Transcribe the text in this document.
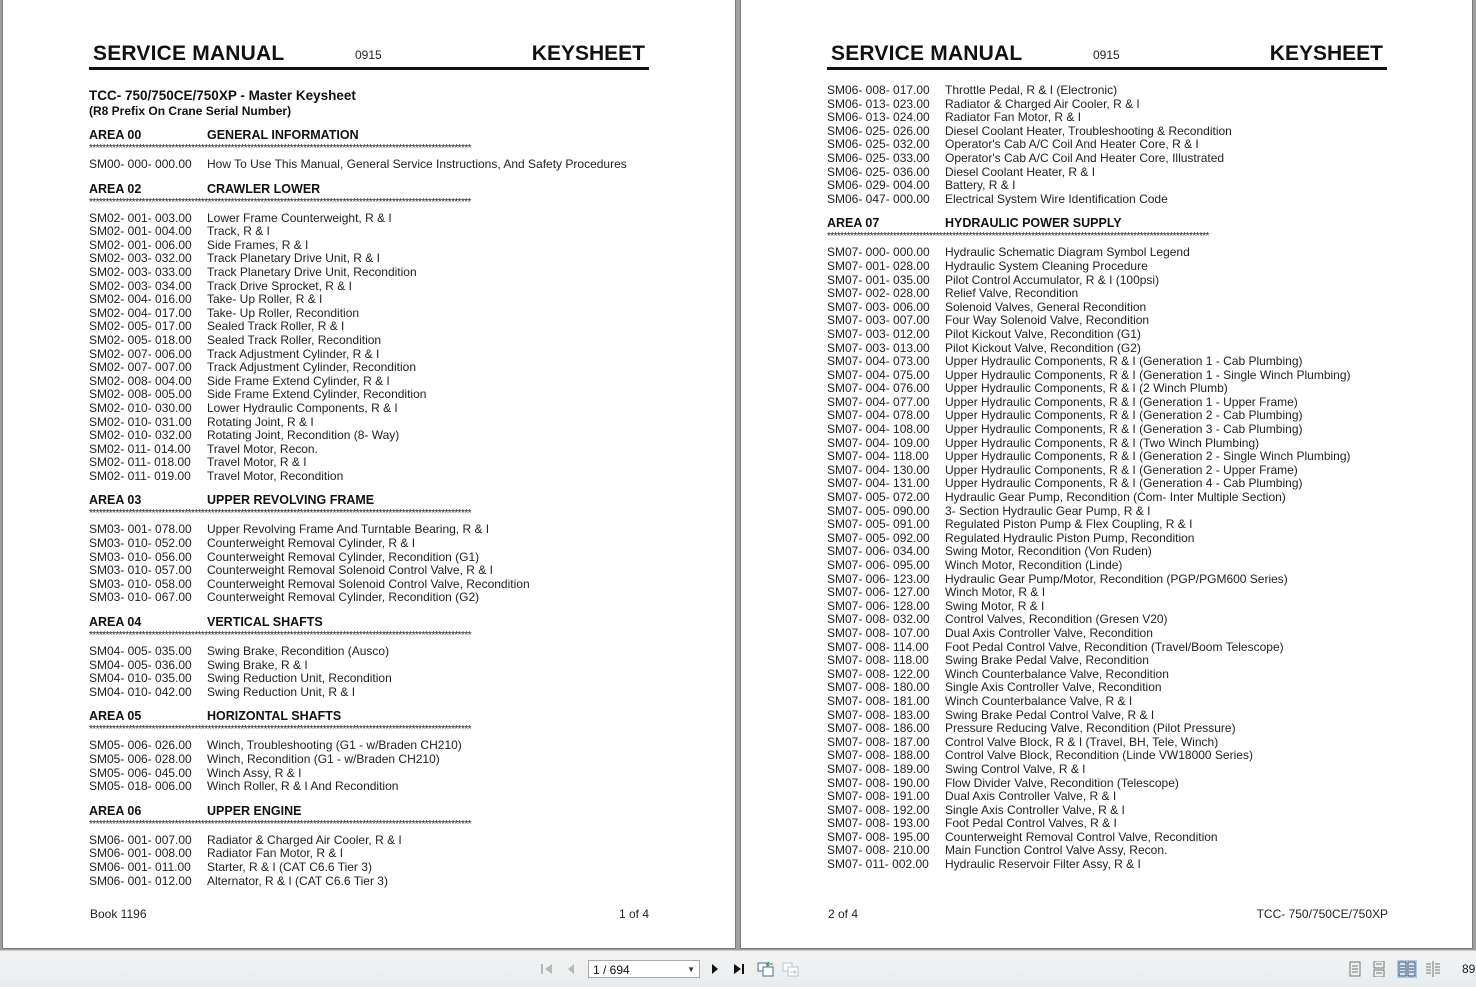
SERVICE MANUAL	0915	KEYSHEET
TCC- 750/750CE/750XP - Master Keysheet
(R8 Prefix On Crane Serial Number)
AREA 00	GENERAL INFORMATION
********************************************************************************************************************
SM00- 000- 000.00 How To Use This Manual, General Service Instructions, And Safety Procedures
AREA 02	CRAWLER LOWER
********************************************************************************************************************
SM02- 001- 003.00 Lower Frame Counterweight, R & I
SM02- 001- 004.00 Track, R & I
SM02- 001- 006.00 Side Frames, R & I
SM02- 003- 032.00 Track Planetary Drive Unit, R & I
SM02- 003- 033.00 Track Planetary Drive Unit, Recondition
SM02- 003- 034.00 Track Drive Sprocket, R & I
SM02- 004- 016.00 Take- Up Roller, R & I
SM02- 004- 017.00 Take- Up Roller, Recondition
SM02- 005- 017.00 Sealed Track Roller, R & I
SM02- 005- 018.00 Sealed Track Roller, Recondition
SM02- 007- 006.00 Track Adjustment Cylinder, R & I
SM02- 007- 007.00 Track Adjustment Cylinder, Recondition
SM02- 008- 004.00 Side Frame Extend Cylinder, R & I
SM02- 008- 005.00 Side Frame Extend Cylinder, Recondition
SM02- 010- 030.00 Lower Hydraulic Components, R & I
SM02- 010- 031.00 Rotating Joint, R & I
SM02- 010- 032.00 Rotating Joint, Recondition (8- Way)
SM02- 011- 014.00 Travel Motor, Recon.
SM02- 011- 018.00 Travel Motor, R & I
SM02- 011- 019.00 Travel Motor, Recondition
AREA 03	UPPER REVOLVING FRAME
********************************************************************************************************************
SM03- 001- 078.00 Upper Revolving Frame And Turntable Bearing, R & I
SM03- 010- 052.00 Counterweight Removal Cylinder, R & I
SM03- 010- 056.00 Counterweight Removal Cylinder, Recondition (G1)
SM03- 010- 057.00 Counterweight Removal Solenoid Control Valve, R & I
SM03- 010- 058.00 Counterweight Removal Solenoid Control Valve, Recondition
SM03- 010- 067.00 Counterweight Removal Cylinder, Recondition (G2)
AREA 04	VERTICAL SHAFTS
********************************************************************************************************************
SM04- 005- 035.00 Swing Brake, Recondition (Ausco)
SM04- 005- 036.00 Swing Brake, R & I
SM04- 010- 035.00 Swing Reduction Unit, Recondition
SM04- 010- 042.00 Swing Reduction Unit, R & I
AREA 05	HORIZONTAL SHAFTS
********************************************************************************************************************
SM05- 006- 026.00 Winch, Troubleshooting (G1 - w/Braden CH210)
SM05- 006- 028.00 Winch, Recondition (G1 - w/Braden CH210)
SM05- 006- 045.00 Winch Assy, R & I
SM05- 018- 006.00 Winch Roller, R & I And Recondition
AREA 06	UPPER ENGINE
********************************************************************************************************************
SM06- 001- 007.00 Radiator & Charged Air Cooler, R & I
SM06- 001- 008.00 Radiator Fan Motor, R & I
SM06- 001- 011.00 Starter, R & I (CAT C6.6 Tier 3)
SM06- 001- 012.00 Alternator, R & I (CAT C6.6 Tier 3)
Book 1196	1 of 4
SERVICE MANUAL	0915	KEYSHEET
SM06- 008- 017.00 Throttle Pedal, R & I (Electronic)
SM06- 013- 023.00 Radiator & Charged Air Cooler, R & I
SM06- 013- 024.00 Radiator Fan Motor, R & I
SM06- 025- 026.00 Diesel Coolant Heater, Troubleshooting & Recondition
SM06- 025- 032.00 Operator's Cab A/C Coil And Heater Core, R & I
SM06- 025- 033.00 Operator's Cab A/C Coil And Heater Core, Illustrated
SM06- 025- 036.00 Diesel Coolant Heater, R & I
SM06- 029- 004.00 Battery, R & I
SM06- 047- 000.00 Electrical System Wire Identification Code
AREA 07	HYDRAULIC POWER SUPPLY
********************************************************************************************************************
SM07- 000- 000.00 Hydraulic Schematic Diagram Symbol Legend
SM07- 001- 028.00 Hydraulic System Cleaning Procedure
SM07- 001- 035.00 Pilot Control Accumulator, R & I (100psi)
SM07- 002- 028.00 Relief Valve, Recondition
SM07- 003- 006.00 Solenoid Valves, General Recondition
SM07- 003- 007.00 Four Way Solenoid Valve, Recondition
SM07- 003- 012.00 Pilot Kickout Valve, Recondition (G1)
SM07- 003- 013.00 Pilot Kickout Valve, Recondition (G2)
SM07- 004- 073.00 Upper Hydraulic Components, R & I (Generation 1 - Cab Plumbing)
SM07- 004- 075.00 Upper Hydraulic Components, R & I (Generation 1 - Single Winch Plumbing)
SM07- 004- 076.00 Upper Hydraulic Components, R & I (2 Winch Plumb)
SM07- 004- 077.00 Upper Hydraulic Components, R & I (Generation 1 - Upper Frame)
SM07- 004- 078.00 Upper Hydraulic Components, R & I (Generation 2 - Cab Plumbing)
SM07- 004- 108.00 Upper Hydraulic Components, R & I (Generation 3 - Cab Plumbing)
SM07- 004- 109.00 Upper Hydraulic Components, R & I (Two Winch Plumbing)
SM07- 004- 118.00 Upper Hydraulic Components, R & I (Generation 2 - Single Winch Plumbing)
SM07- 004- 130.00 Upper Hydraulic Components, R & I (Generation 2 - Upper Frame)
SM07- 004- 131.00 Upper Hydraulic Components, R & I (Generation 4 - Cab Plumbing)
SM07- 005- 072.00 Hydraulic Gear Pump, Recondition (Com- Inter Multiple Section)
SM07- 005- 090.00 3- Section Hydraulic Gear Pump, R & I
SM07- 005- 091.00 Regulated Piston Pump & Flex Coupling, R & I
SM07- 005- 092.00 Regulated Hydraulic Piston Pump, Recondition
SM07- 006- 034.00 Swing Motor, Recondition (Von Ruden)
SM07- 006- 095.00 Winch Motor, Recondition (Linde)
SM07- 006- 123.00 Hydraulic Gear Pump/Motor, Recondition (PGP/PGM600 Series)
SM07- 006- 127.00 Winch Motor, R & I
SM07- 006- 128.00 Swing Motor, R & I
SM07- 008- 032.00 Control Valves, Recondition (Gresen V20)
SM07- 008- 107.00 Dual Axis Controller Valve, Recondition
SM07- 008- 114.00 Foot Pedal Control Valve, Recondition (Travel/Boom Telescope)
SM07- 008- 118.00 Swing Brake Pedal Valve, Recondition
SM07- 008- 122.00 Winch Counterbalance Valve, Recondition
SM07- 008- 180.00 Single Axis Controller Valve, Recondition
SM07- 008- 181.00 Winch Counterbalance Valve, R & I
SM07- 008- 183.00 Swing Brake Pedal Control Valve, R & I
SM07- 008- 186.00 Pressure Reducing Valve, Recondition (Pilot Pressure)
SM07- 008- 187.00 Control Valve Block, R & I (Travel, BH, Tele, Winch)
SM07- 008- 188.00 Control Valve Block, Recondition (Linde VW18000 Series)
SM07- 008- 189.00 Swing Control Valve, R & I
SM07- 008- 190.00 Flow Divider Valve, Recondition (Telescope)
SM07- 008- 191.00 Dual Axis Controller Valve, R & I
SM07- 008- 192.00 Single Axis Controller Valve, R & I
SM07- 008- 193.00 Foot Pedal Control Valves, R & I
SM07- 008- 195.00 Counterweight Removal Control Valve, Recondition
SM07- 008- 210.00 Main Function Control Valve Assy, Recon.
SM07- 011- 002.00 Hydraulic Reservoir Filter Assy, R & I
2 of 4	TCC- 750/750CE/750XP
1 / 694	▼	89
